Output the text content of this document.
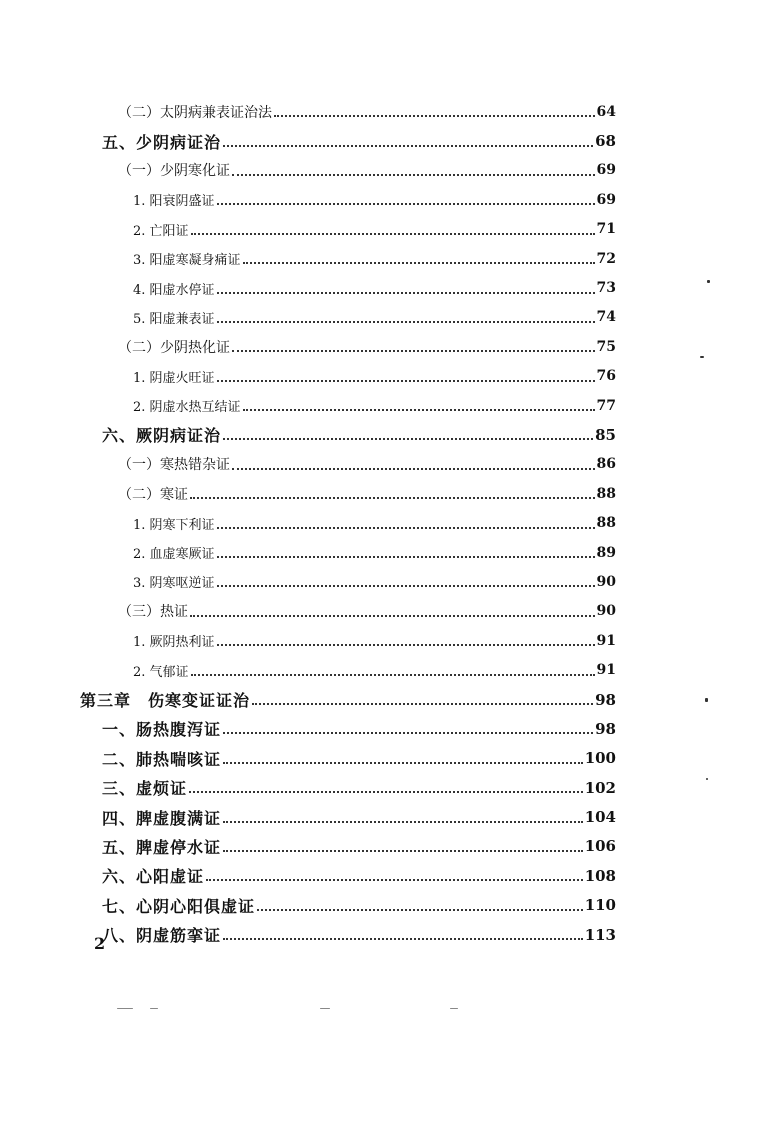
（二）太阴病兼表证治法	64
五、少阴病证治	68
（一）少阴寒化证	69
1. 阳衰阴盛证	69
2. 亡阳证	71
3. 阳虚寒凝身痛证	72
4. 阳虚水停证	73
5. 阳虚兼表证	74
（二）少阴热化证	75
1. 阴虚火旺证	76
2. 阴虚水热互结证	77
六、厥阴病证治	85
（一）寒热错杂证	86
（二）寒证	88
1. 阴寒下利证	88
2. 血虚寒厥证	89
3. 阴寒呕逆证	90
（三）热证	90
1. 厥阴热利证	91
2. 气郁证	91
第三章　伤寒变证证治	98
一、肠热腹泻证	98
二、肺热喘咳证	100
三、虚烦证	102
四、脾虚腹满证	104
五、脾虚停水证	106
六、心阳虚证	108
七、心阴心阳俱虚证	110
八、阴虚筋挛证	113
2
